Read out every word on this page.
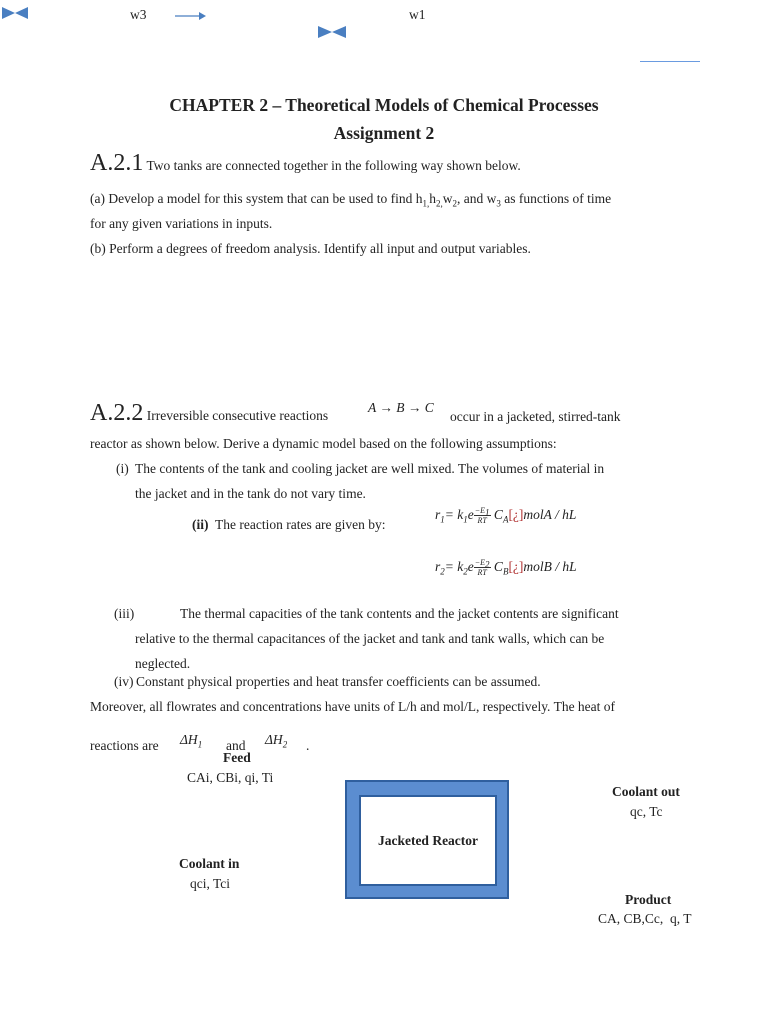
w3	w1
CHAPTER 2 – Theoretical Models of Chemical Processes
Assignment 2
A.2.1 Two tanks are connected together in the following way shown below.
(a) Develop a model for this system that can be used to find $h_{1,}h_{2,}w_2$, and $w_3$ as functions of time
for any given variations in inputs.
(b) Perform a degrees of freedom analysis. Identify all input and output variables.
A.2.2 Irreversible consecutive reactions
A → B → C
occur in a jacketed, stirred-tank
reactor as shown below. Derive a dynamic model based on the following assumptions:
(i) The contents of the tank and cooling jacket are well mixed. The volumes of material in
the jacket and in the tank do not vary time.
(ii) The reaction rates are given by:
$r_1= k_1e-E_1$
RT $C_A[¿]molA$ / hL
$r_2= k_2e-E_2$
RT $C_B[¿]molB$ / hL
(iii)	The thermal capacities of the tank contents and the jacket contents are significant
relative to the thermal capacitances of the jacket and tank and tank walls, which can be
neglected.
(iv) Constant physical properties and heat transfer coefficients can be assumed.
Moreover, all flowrates and concentrations have units of L/h and mol/L, respectively. The heat of
reactions are $\Delta H_1$ and $\Delta H_2$ .
Feed
CAi, CBi, qi, Ti
Jacketed Reactor
Coolant out
qc, Tc
Coolant in
qci, Tci
Product
CA, CB,Cc,  q, T
